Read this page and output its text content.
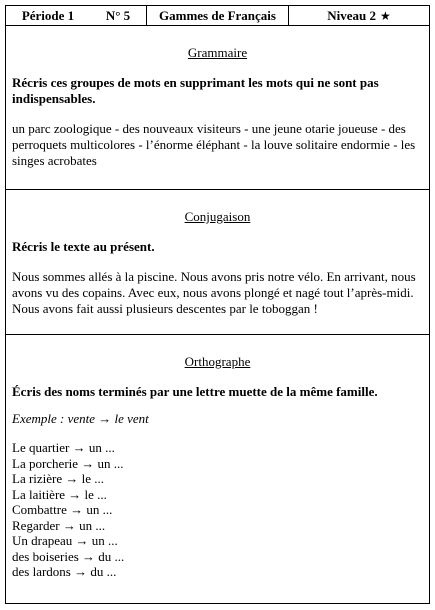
Période 1 N° 5 Gammes de Français	Niveau 2 ★

Grammaire

Récris ces groupes de mots en supprimant les mots qui ne sont pas indispensables.

un parc zoologique - des nouveaux visiteurs - une jeune otarie joueuse - des perroquets multicolores - l’énorme éléphant - la louve solitaire endormie - les singes acrobates

Conjugaison

Récris le texte au présent.

Nous sommes allés à la piscine. Nous avons pris notre vélo. En arrivant, nous avons vu des copains. Avec eux, nous avons plongé et nagé tout l’après-midi. Nous avons fait aussi plusieurs descentes par le toboggan !

Orthographe

Écris des noms terminés par une lettre muette de la même famille.

Exemple : vente → le vent

Le quartier → un ...
La porcherie → un ...
La rizière → le ...
La laitière → le ...
Combattre → un ...
Regarder → un ...
Un drapeau → un ...
des boiseries → du ...
des lardons → du ...
